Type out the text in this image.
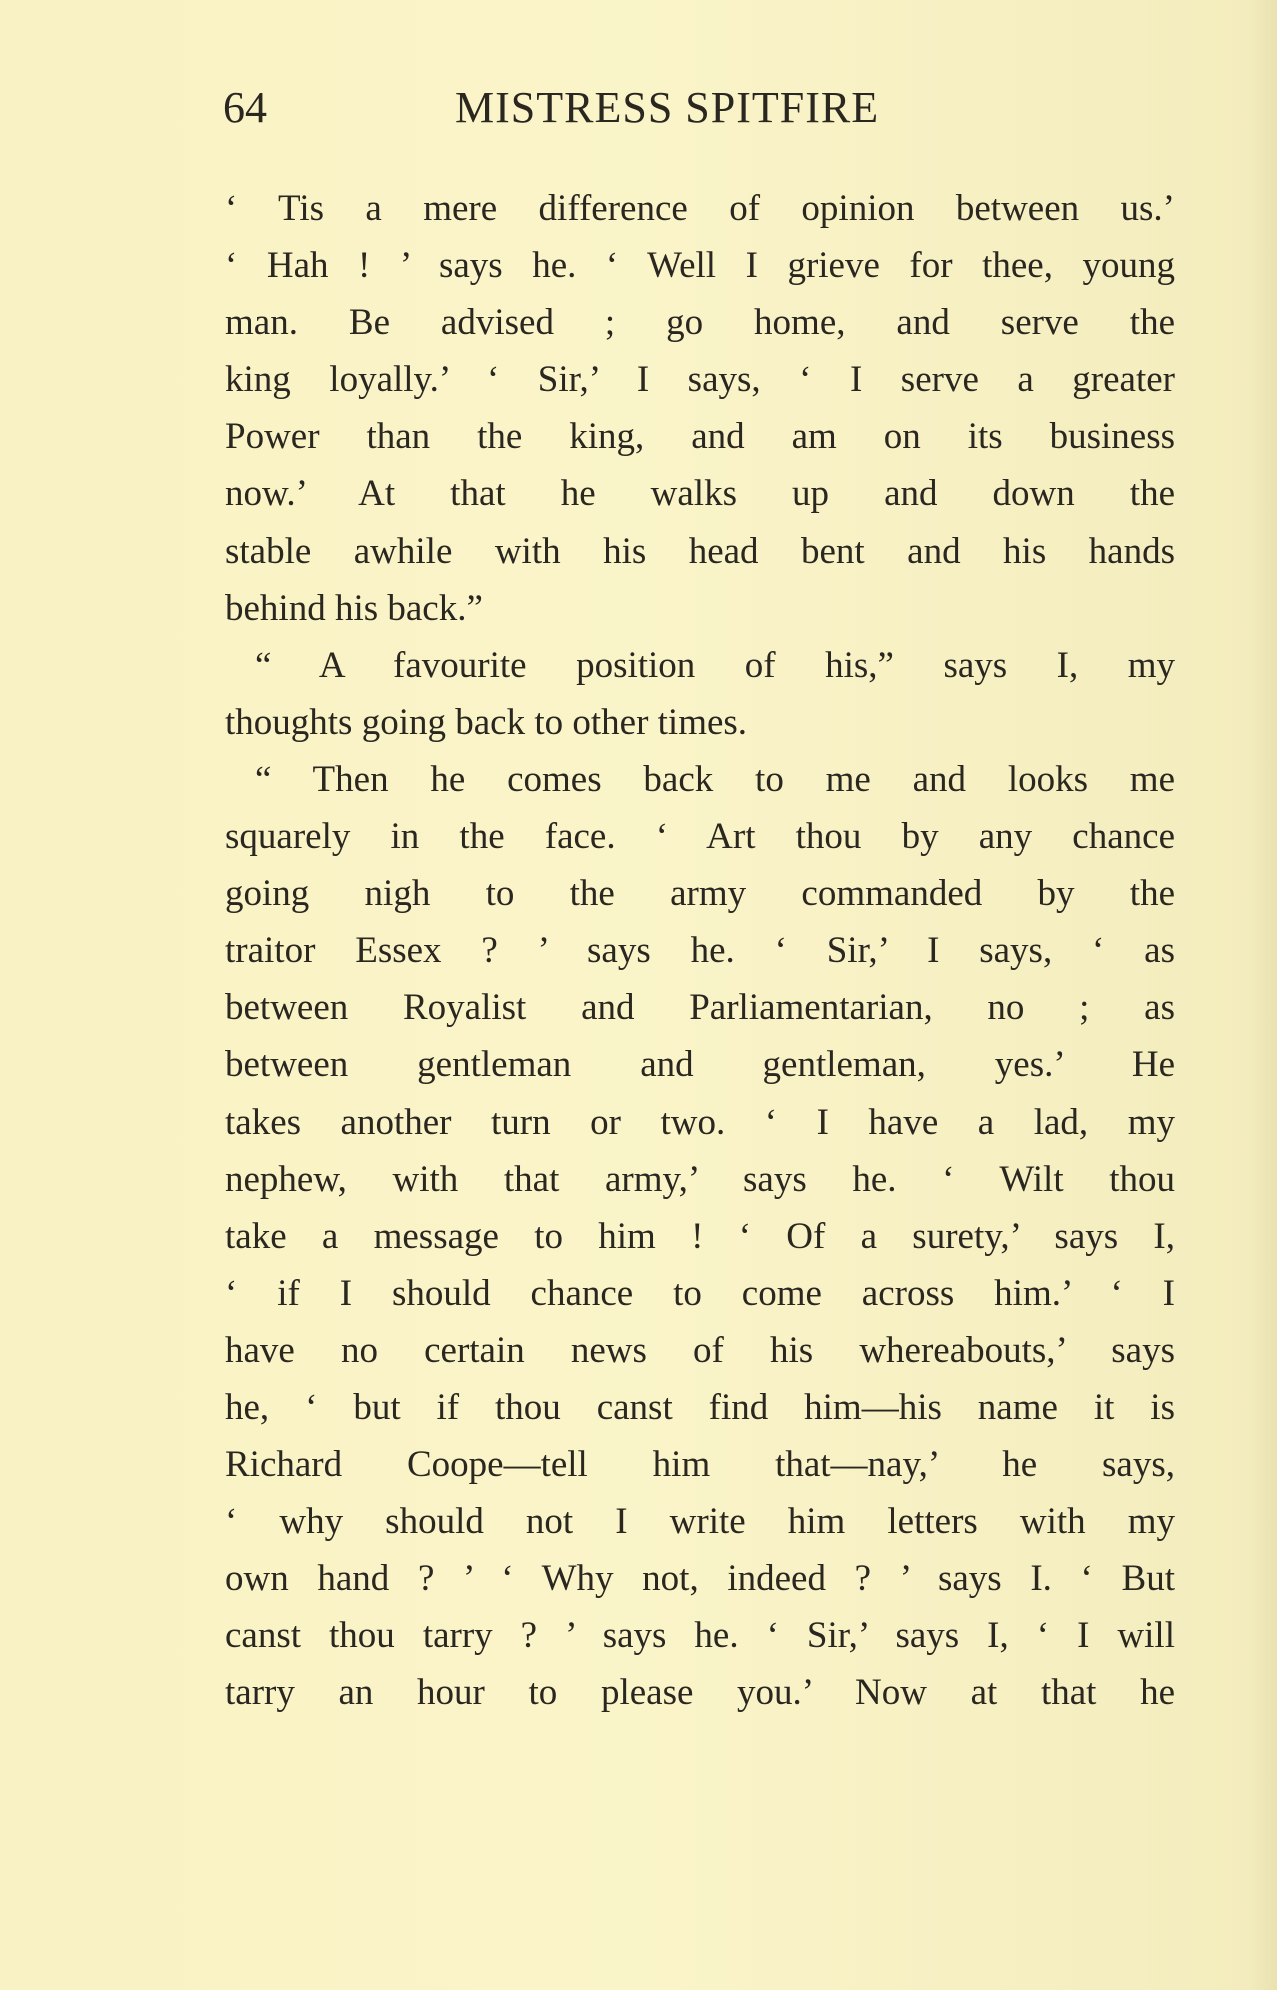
64	MISTRESS SPITFIRE
‘ Tis a mere difference of opinion between us.’
‘ Hah ! ’ says he. ‘ Well I grieve for thee, young
man. Be advised ; go home, and serve the
king loyally.’ ‘ Sir,’ I says, ‘ I serve a greater
Power than the king, and am on its business
now.’ At that he walks up and down the
stable awhile with his head bent and his hands
behind his back.”
“ A favourite position of his,” says I, my
thoughts going back to other times.
“ Then he comes back to me and looks me
squarely in the face. ‘ Art thou by any chance
going nigh to the army commanded by the
traitor Essex ? ’ says he. ‘ Sir,’ I says, ‘ as
between Royalist and Parliamentarian, no ; as
between gentleman and gentleman, yes.’ He
takes another turn or two. ‘ I have a lad, my
nephew, with that army,’ says he. ‘ Wilt thou
take a message to him ! ‘ Of a surety,’ says I,
‘ if I should chance to come across him.’ ‘ I
have no certain news of his whereabouts,’ says
he, ‘ but if thou canst find him—his name it is
Richard Coope—tell him that—nay,’ he says,
‘ why should not I write him letters with my
own hand ? ’ ‘ Why not, indeed ? ’ says I. ‘ But
canst thou tarry ? ’ says he. ‘ Sir,’ says I, ‘ I will
tarry an hour to please you.’ Now at that he
